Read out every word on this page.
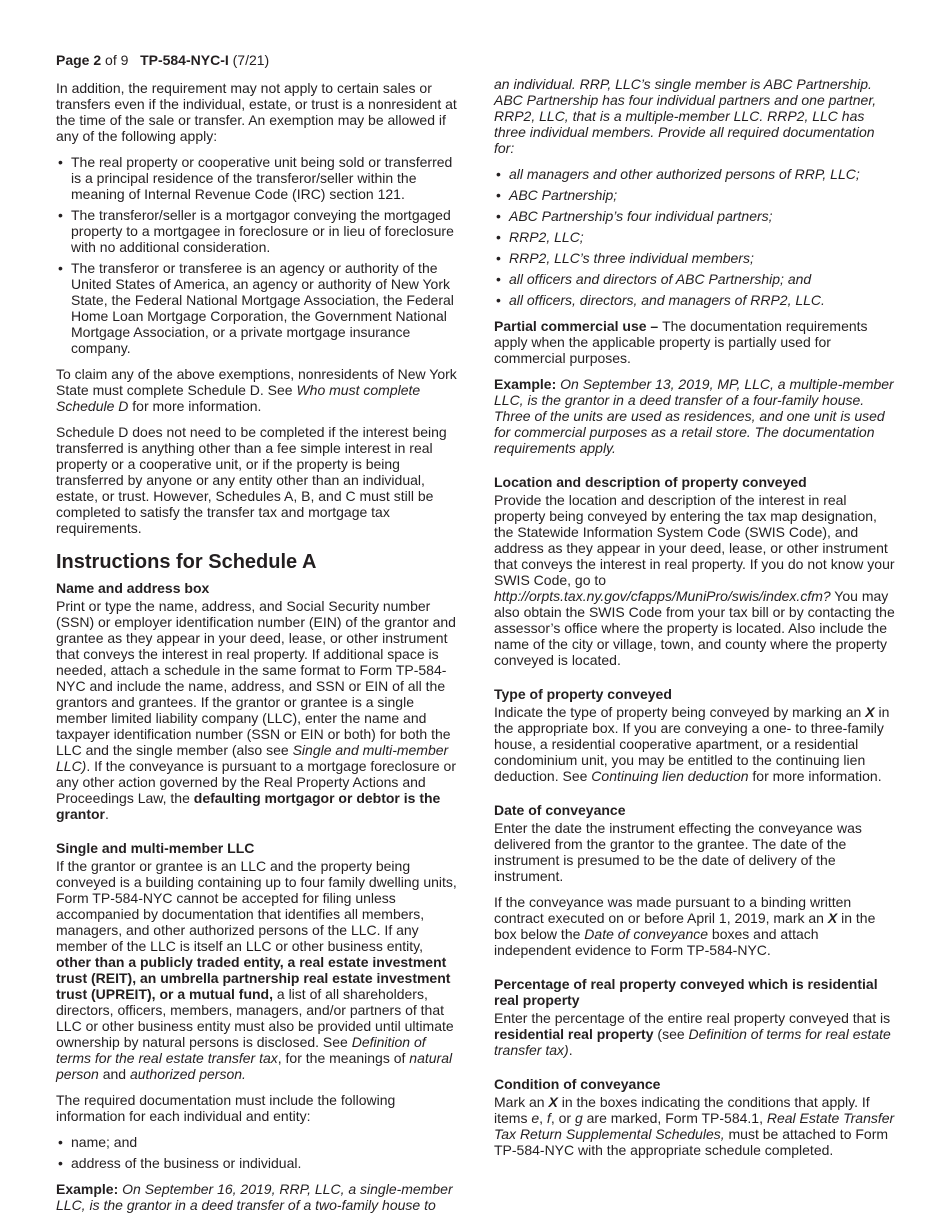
Page 2 of 9 TP-584-NYC-I (7/21)

In addition, the requirement may not apply to certain sales or transfers even if the individual, estate, or trust is a nonresident at the time of the sale or transfer. An exemption may be allowed if any of the following apply:

• The real property or cooperative unit being sold or transferred is a principal residence of the transferor/seller within the meaning of Internal Revenue Code (IRC) section 121.
• The transferor/seller is a mortgagor conveying the mortgaged property to a mortgagee in foreclosure or in lieu of foreclosure with no additional consideration.
• The transferor or transferee is an agency or authority of the United States of America, an agency or authority of New York State, the Federal National Mortgage Association, the Federal Home Loan Mortgage Corporation, the Government National Mortgage Association, or a private mortgage insurance company.

To claim any of the above exemptions, nonresidents of New York State must complete Schedule D. See Who must complete Schedule D for more information.

Schedule D does not need to be completed if the interest being transferred is anything other than a fee simple interest in real property or a cooperative unit, or if the property is being transferred by anyone or any entity other than an individual, estate, or trust. However, Schedules A, B, and C must still be completed to satisfy the transfer tax and mortgage tax requirements.

Instructions for Schedule A
Name and address box

Print or type the name, address, and Social Security number (SSN) or employer identification number (EIN) of the grantor and grantee as they appear in your deed, lease, or other instrument that conveys the interest in real property. If additional space is needed, attach a schedule in the same format to Form TP-584-NYC and include the name, address, and SSN or EIN of all the grantors and grantees. If the grantor or grantee is a single member limited liability company (LLC), enter the name and taxpayer identification number (SSN or EIN or both) for both the LLC and the single member (also see Single and multi-member LLC). If the conveyance is pursuant to a mortgage foreclosure or any other action governed by the Real Property Actions and Proceedings Law, the defaulting mortgagor or debtor is the grantor.

Single and multi-member LLC

If the grantor or grantee is an LLC and the property being conveyed is a building containing up to four family dwelling units, Form TP-584-NYC cannot be accepted for filing unless accompanied by documentation that identifies all members, managers, and other authorized persons of the LLC. If any member of the LLC is itself an LLC or other business entity, other than a publicly traded entity, a real estate investment trust (REIT), an umbrella partnership real estate investment trust (UPREIT), or a mutual fund, a list of all shareholders, directors, officers, members, managers, and/or partners of that LLC or other business entity must also be provided until ultimate ownership by natural persons is disclosed. See Definition of terms for the real estate transfer tax, for the meanings of natural person and authorized person.

The required documentation must include the following information for each individual and entity:

• name; and
• address of the business or individual.

Example: On September 16, 2019, RRP, LLC, a single-member LLC, is the grantor in a deed transfer of a two-family house to

an individual. RRP, LLC’s single member is ABC Partnership. ABC Partnership has four individual partners and one partner, RRP2, LLC, that is a multiple-member LLC. RRP2, LLC has three individual members. Provide all required documentation for:

• all managers and other authorized persons of RRP, LLC;
• ABC Partnership;
• ABC Partnership’s four individual partners;
• RRP2, LLC;
• RRP2, LLC’s three individual members;
• all officers and directors of ABC Partnership; and
• all officers, directors, and managers of RRP2, LLC.

Partial commercial use – The documentation requirements apply when the applicable property is partially used for commercial purposes.

Example: On September 13, 2019, MP, LLC, a multiple-member LLC, is the grantor in a deed transfer of a four-family house. Three of the units are used as residences, and one unit is used for commercial purposes as a retail store. The documentation requirements apply.

Location and description of property conveyed

Provide the location and description of the interest in real property being conveyed by entering the tax map designation, the Statewide Information System Code (SWIS Code), and address as they appear in your deed, lease, or other instrument that conveys the interest in real property. If you do not know your SWIS Code, go to http://orpts.tax.ny.gov/cfapps/MuniPro/swis/index.cfm? You may also obtain the SWIS Code from your tax bill or by contacting the assessor’s office where the property is located. Also include the name of the city or village, town, and county where the property conveyed is located.

Type of property conveyed

Indicate the type of property being conveyed by marking an X in the appropriate box. If you are conveying a one- to three-family house, a residential cooperative apartment, or a residential condominium unit, you may be entitled to the continuing lien deduction. See Continuing lien deduction for more information.

Date of conveyance

Enter the date the instrument effecting the conveyance was delivered from the grantor to the grantee. The date of the instrument is presumed to be the date of delivery of the instrument.

If the conveyance was made pursuant to a binding written contract executed on or before April 1, 2019, mark an X in the box below the Date of conveyance boxes and attach independent evidence to Form TP-584-NYC.

Percentage of real property conveyed which is residential real property

Enter the percentage of the entire real property conveyed that is residential real property (see Definition of terms for real estate transfer tax).

Condition of conveyance

Mark an X in the boxes indicating the conditions that apply. If items e, f, or g are marked, Form TP-584.1, Real Estate Transfer Tax Return Supplemental Schedules, must be attached to Form TP-584-NYC with the appropriate schedule completed.
